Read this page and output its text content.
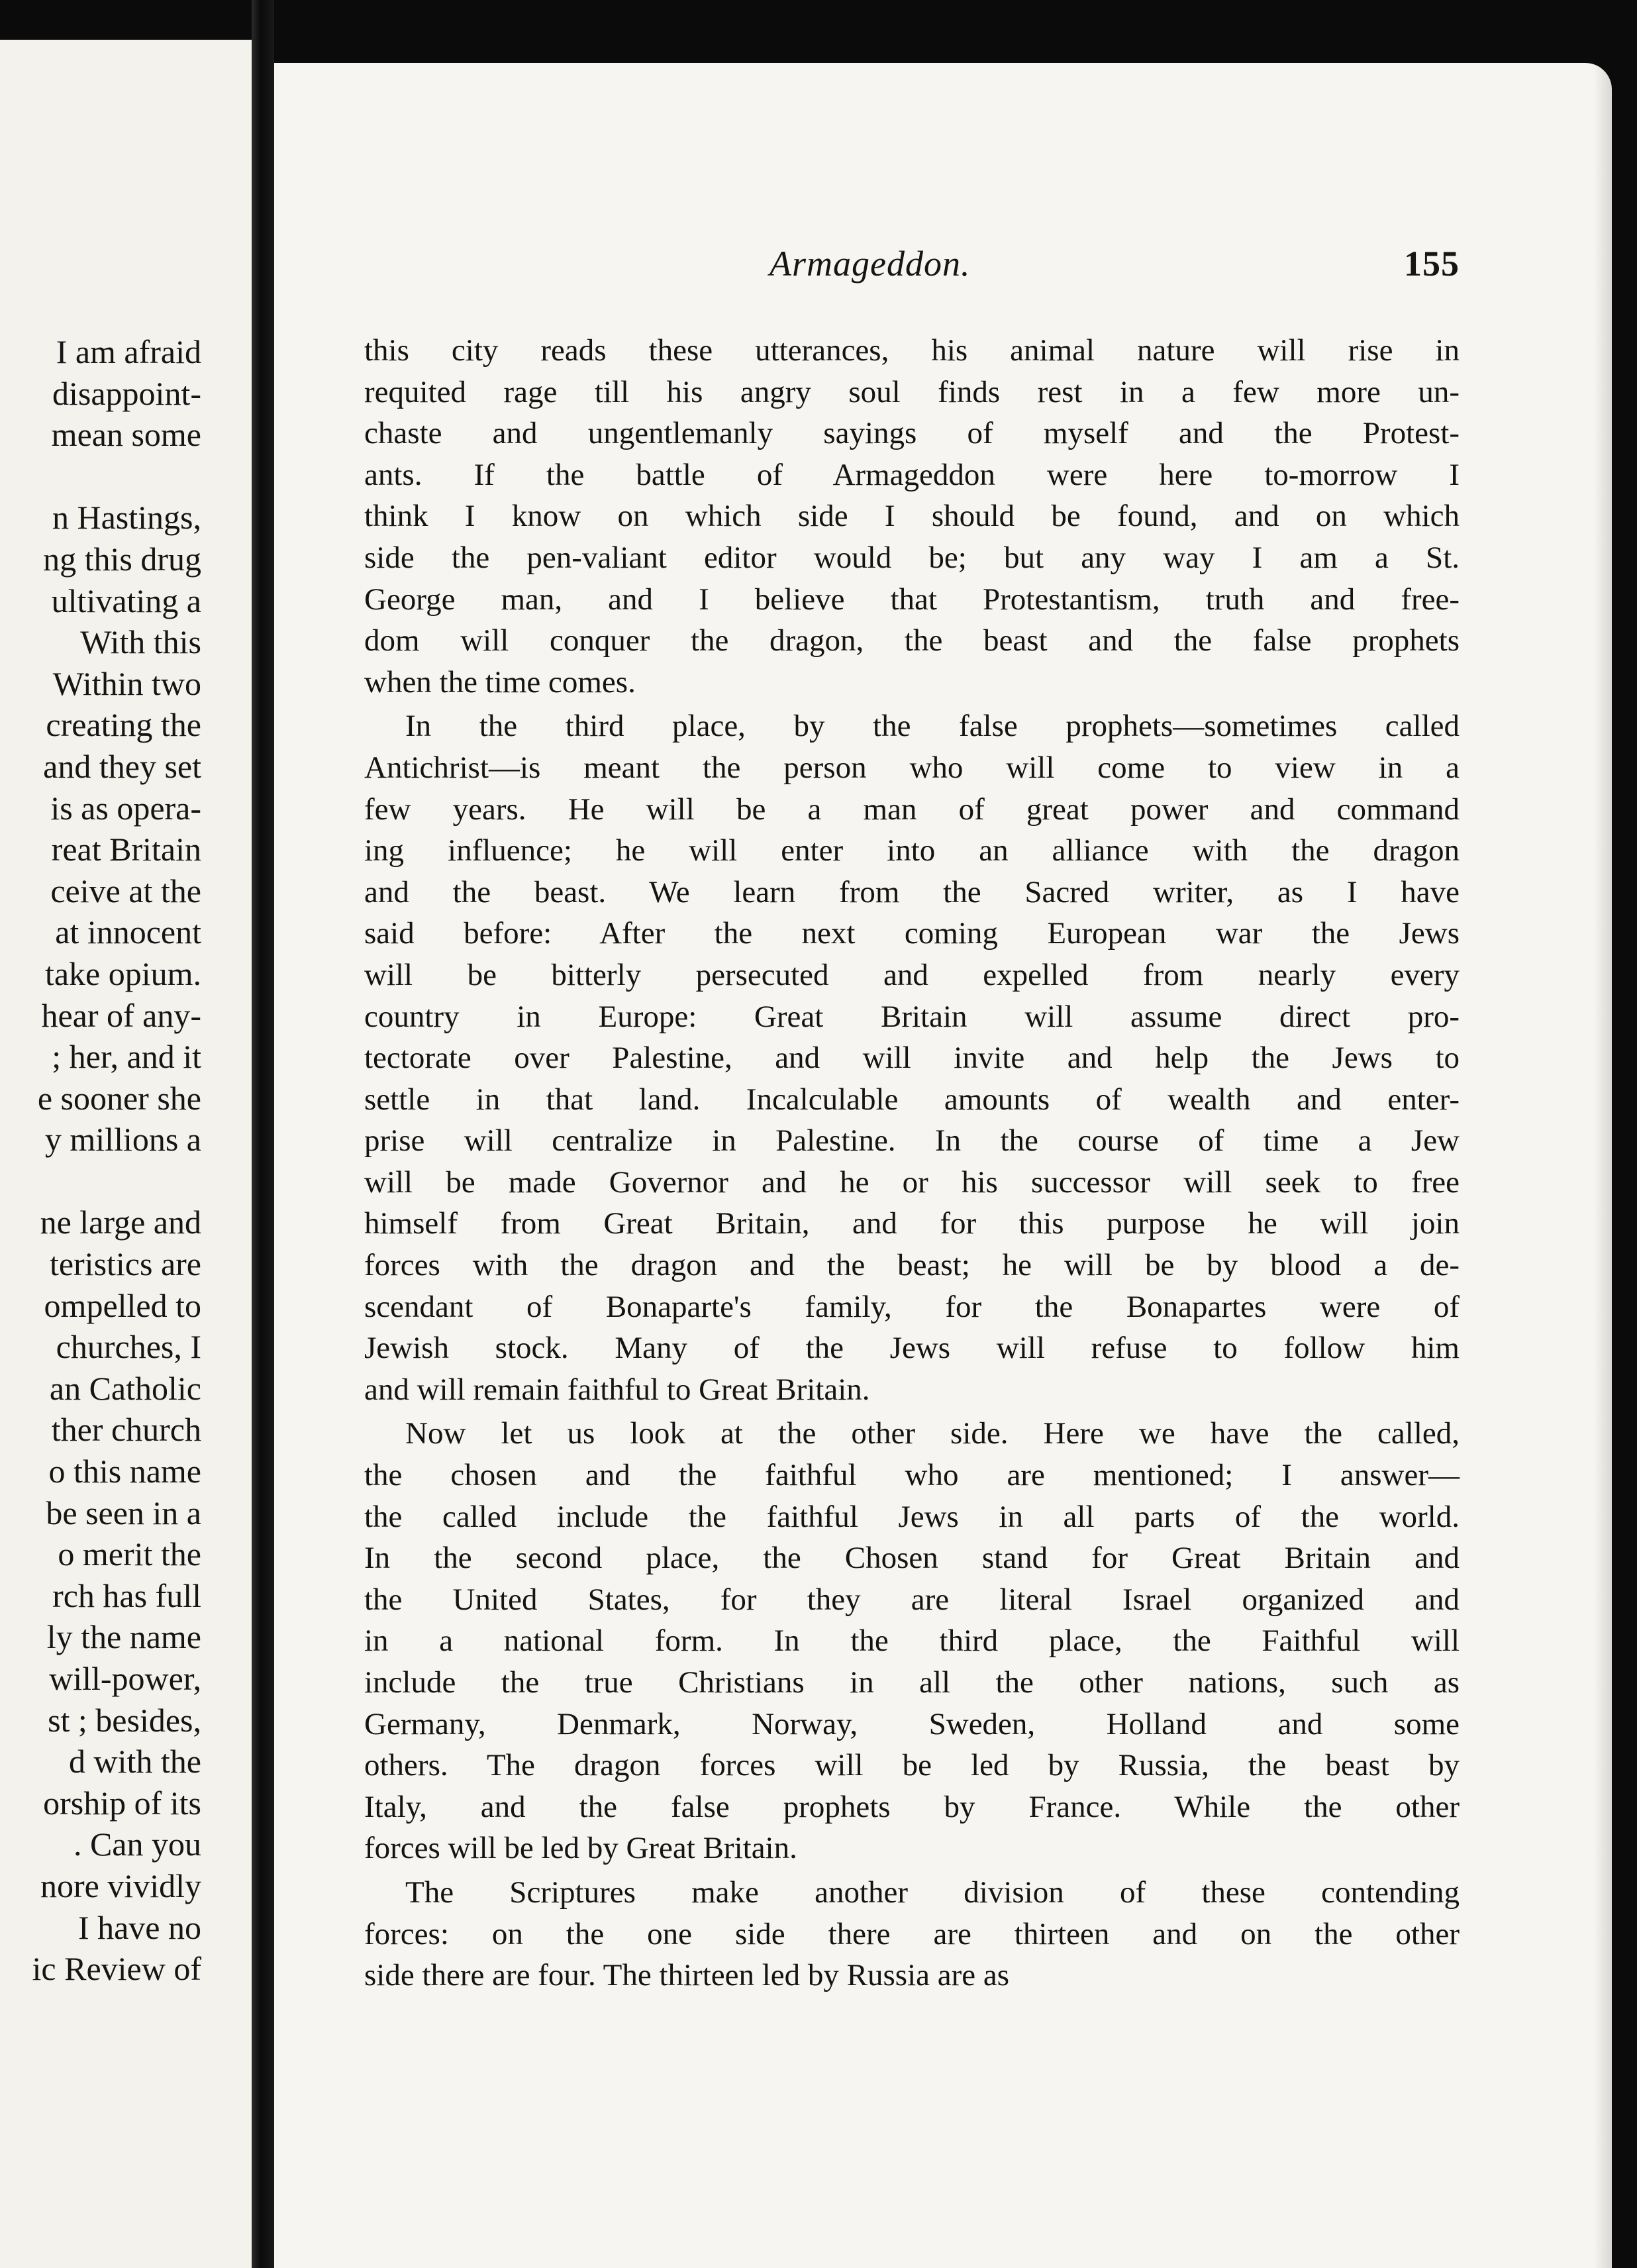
I am afraid
disappoint-
mean some

n Hastings,
ng this drug
ultivating a
With this
Within two
creating the
and they set
is as opera-
reat Britain
ceive at the
at innocent
take opium.
hear of any-
; her, and it
e sooner she
y millions a

ne large and
teristics are
ompelled to
churches, I
an Catholic
ther church
o this name
be seen in a
o merit the
rch has full
ly the name
will-power,
st ; besides,
d with the
orship of its
. Can you
nore vividly
I have no
ic Review of
Armageddon.	155
this city reads these utterances, his animal nature will rise in
requited rage till his angry soul finds rest in a few more un-
chaste and ungentlemanly sayings of myself and the Protest-
ants. If the battle of Armageddon were here to-morrow I
think I know on which side I should be found, and on which
side the pen-valiant editor would be; but any way I am a St.
George man, and I believe that Protestantism, truth and free-
dom will conquer the dragon, the beast and the false prophets
when the time comes.
In the third place, by the false prophets—sometimes called
Antichrist—is meant the person who will come to view in a
few years. He will be a man of great power and command
ing influence; he will enter into an alliance with the dragon
and the beast. We learn from the Sacred writer, as I have
said before: After the next coming European war the Jews
will be bitterly persecuted and expelled from nearly every
country in Europe: Great Britain will assume direct pro-
tectorate over Palestine, and will invite and help the Jews to
settle in that land. Incalculable amounts of wealth and enter-
prise will centralize in Palestine. In the course of time a Jew
will be made Governor and he or his successor will seek to free
himself from Great Britain, and for this purpose he will join
forces with the dragon and the beast; he will be by blood a de-
scendant of Bonaparte's family, for the Bonapartes were of
Jewish stock. Many of the Jews will refuse to follow him
and will remain faithful to Great Britain.
Now let us look at the other side. Here we have the called,
the chosen and the faithful who are mentioned; I answer—
the called include the faithful Jews in all parts of the world.
In the second place, the Chosen stand for Great Britain and
the United States, for they are literal Israel organized and
in a national form. In the third place, the Faithful will
include the true Christians in all the other nations, such as
Germany, Denmark, Norway, Sweden, Holland and some
others. The dragon forces will be led by Russia, the beast by
Italy, and the false prophets by France. While the other
forces will be led by Great Britain.
The Scriptures make another division of these contending
forces: on the one side there are thirteen and on the other
side there are four. The thirteen led by Russia are as
